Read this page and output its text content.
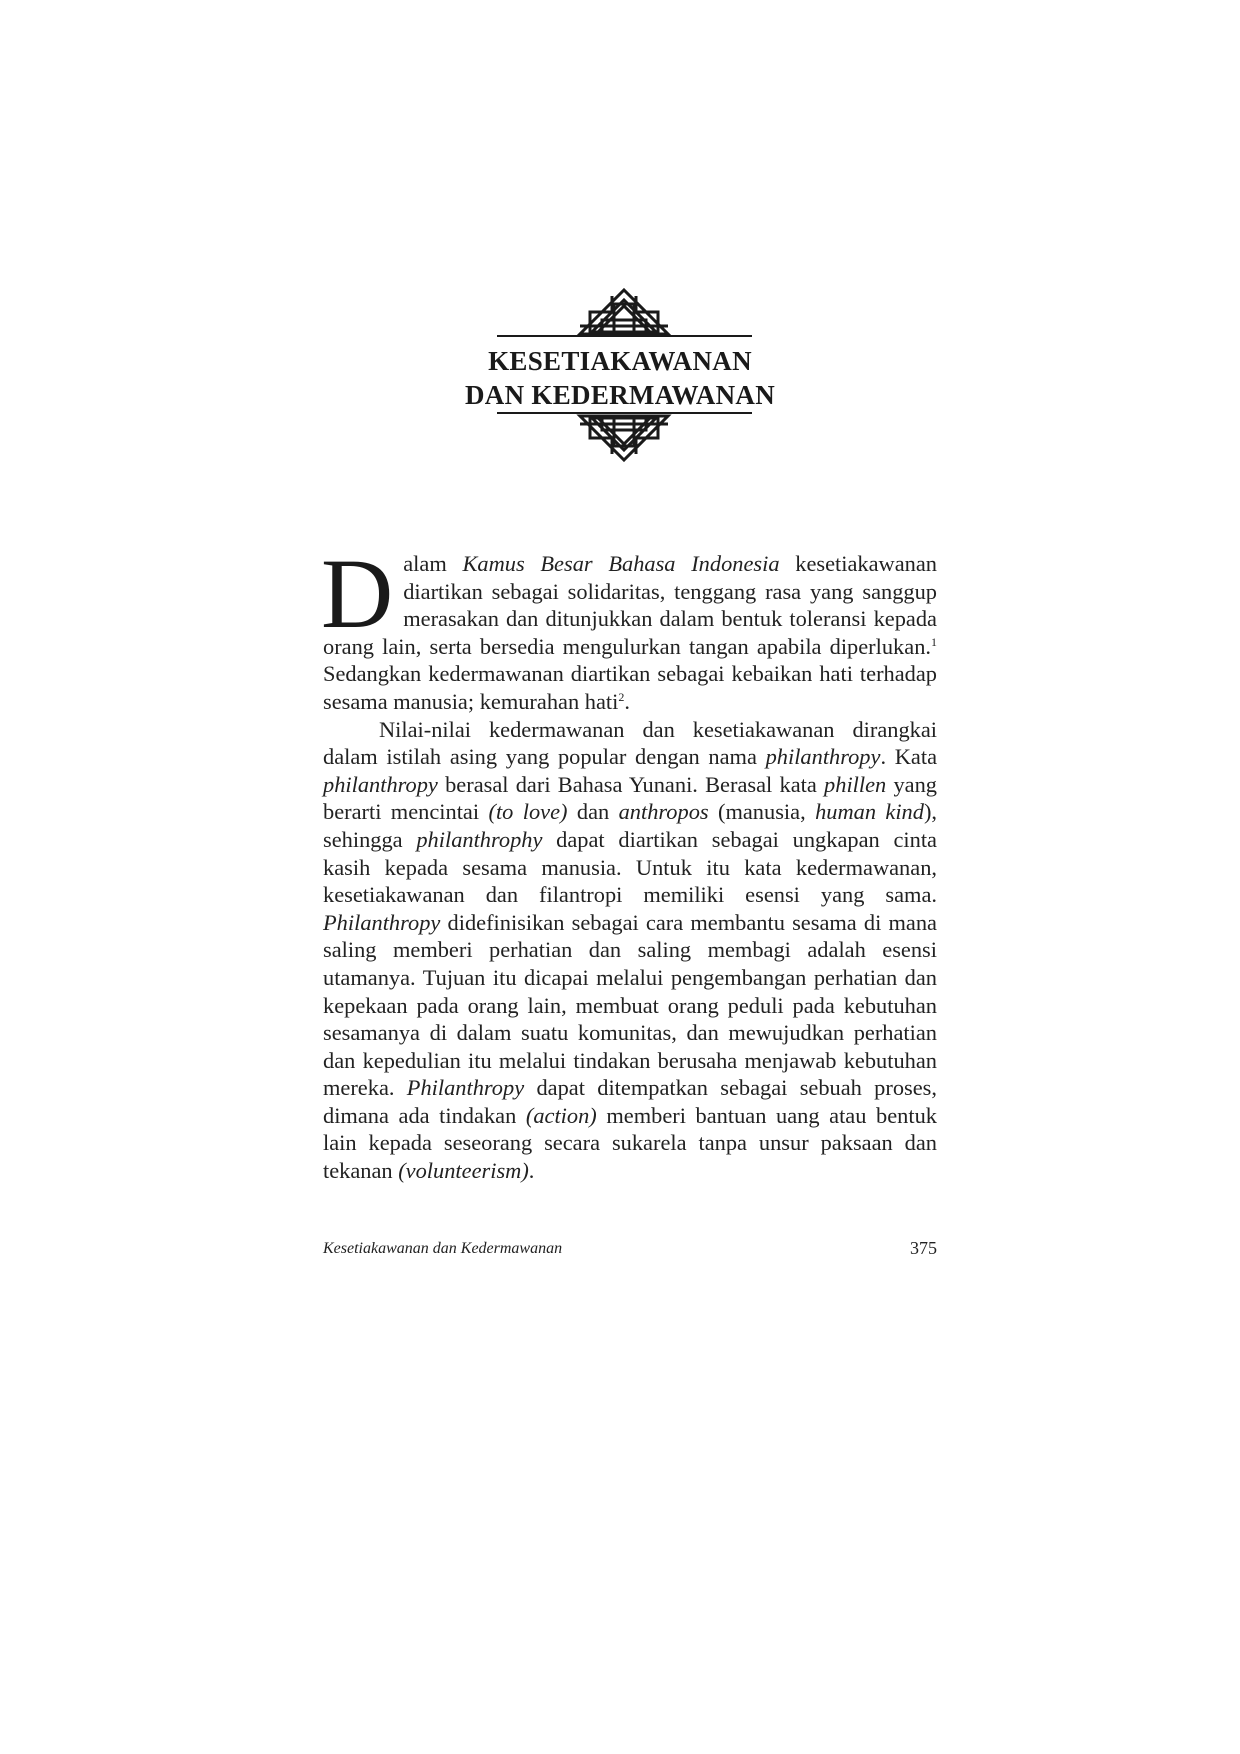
KESETIAKAWANAN
DAN KEDERMAWANAN

Dalam Kamus Besar Bahasa Indonesia kesetiakawanan diartikan sebagai solidaritas, tenggang rasa yang sanggup merasakan dan ditunjukkan dalam bentuk toleransi kepada orang lain, serta bersedia mengulurkan tangan apabila diperlukan.$^1$ Sedangkan kedermawanan diartikan sebagai kebaikan hati terhadap sesama manusia; kemurahan hati$^2$.

Nilai-nilai kedermawanan dan kesetiakawanan dirangkai dalam istilah asing yang popular dengan nama philanthropy. Kata philanthropy berasal dari Bahasa Yunani. Berasal kata phillen yang berarti mencintai (to love) dan anthropos (manusia, human kind), sehingga philanthrophy dapat diartikan sebagai ungkapan cinta kasih kepada sesama manusia. Untuk itu kata kedermawanan, kesetiakawanan dan filantropi memiliki esensi yang sama. Philanthropy didefinisikan sebagai cara membantu sesama di mana saling memberi perhatian dan saling membagi adalah esensi utamanya. Tujuan itu dicapai melalui pengembangan perhatian dan kepekaan pada orang lain, membuat orang peduli pada kebutuhan sesamanya di dalam suatu komunitas, dan mewujudkan perhatian dan kepedulian itu melalui tindakan berusaha menjawab kebutuhan mereka. Philanthropy dapat ditempatkan sebagai sebuah proses, dimana ada tindakan (action) memberi bantuan uang atau bentuk lain kepada seseorang secara sukarela tanpa unsur paksaan dan tekanan (volunteerism).

Kesetiakawanan dan Kedermawanan	375
